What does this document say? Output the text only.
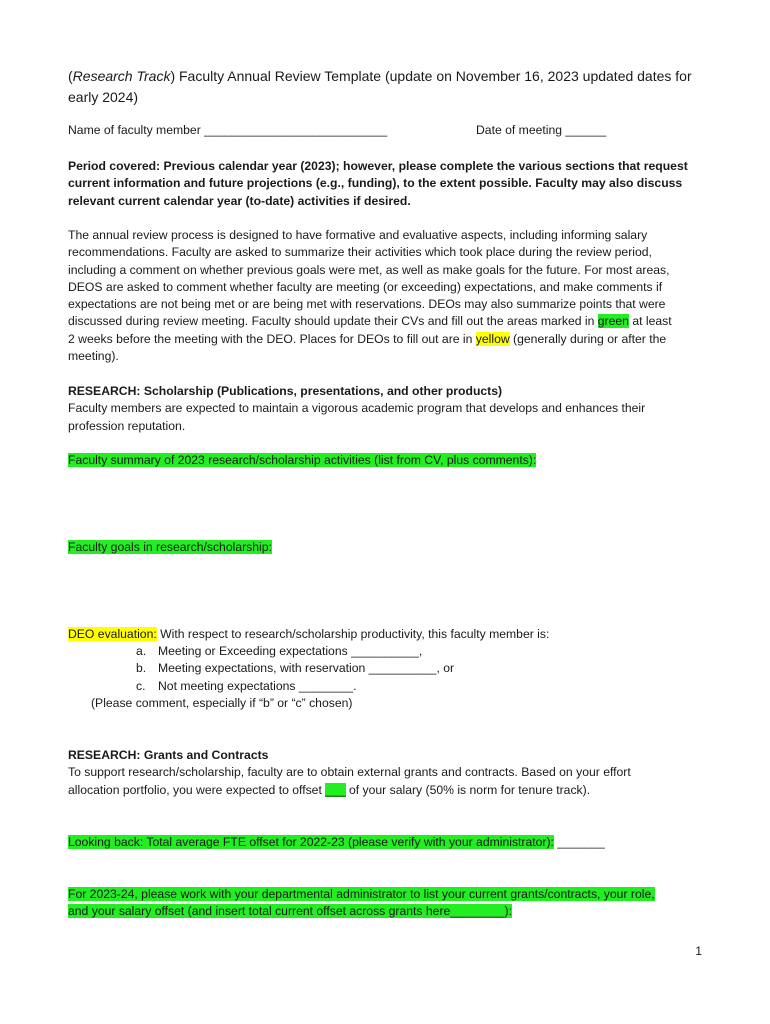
(Research Track) Faculty Annual Review Template (update on November 16, 2023 updated dates for
early 2024)
Name of faculty member ___________________________	Date of meeting ______
Period covered: Previous calendar year (2023); however, please complete the various sections that request
current information and future projections (e.g., funding), to the extent possible. Faculty may also discuss
relevant current calendar year (to-date) activities if desired.
The annual review process is designed to have formative and evaluative aspects, including informing salary
recommendations. Faculty are asked to summarize their activities which took place during the review period,
including a comment on whether previous goals were met, as well as make goals for the future. For most areas,
DEOS are asked to comment whether faculty are meeting (or exceeding) expectations, and make comments if
expectations are not being met or are being met with reservations. DEOs may also summarize points that were
discussed during review meeting. Faculty should update their CVs and fill out the areas marked in green at least
2 weeks before the meeting with the DEO. Places for DEOs to fill out are in yellow (generally during or after the
meeting).
RESEARCH: Scholarship (Publications, presentations, and other products)
Faculty members are expected to maintain a vigorous academic program that develops and enhances their
profession reputation.
Faculty summary of 2023 research/scholarship activities (list from CV, plus comments):
Faculty goals in research/scholarship:
DEO evaluation: With respect to research/scholarship productivity, this faculty member is:
a. Meeting or Exceeding expectations __________,
b. Meeting expectations, with reservation __________, or
c. Not meeting expectations ________.
(Please comment, especially if “b” or “c” chosen)
RESEARCH: Grants and Contracts
To support research/scholarship, faculty are to obtain external grants and contracts. Based on your effort
allocation portfolio, you were expected to offset ___ of your salary (50% is norm for tenure track).
Looking back: Total average FTE offset for 2022-23 (please verify with your administrator): _______
For 2023-24, please work with your departmental administrator to list your current grants/contracts, your role,
and your salary offset (and insert total current offset across grants here________):
1
